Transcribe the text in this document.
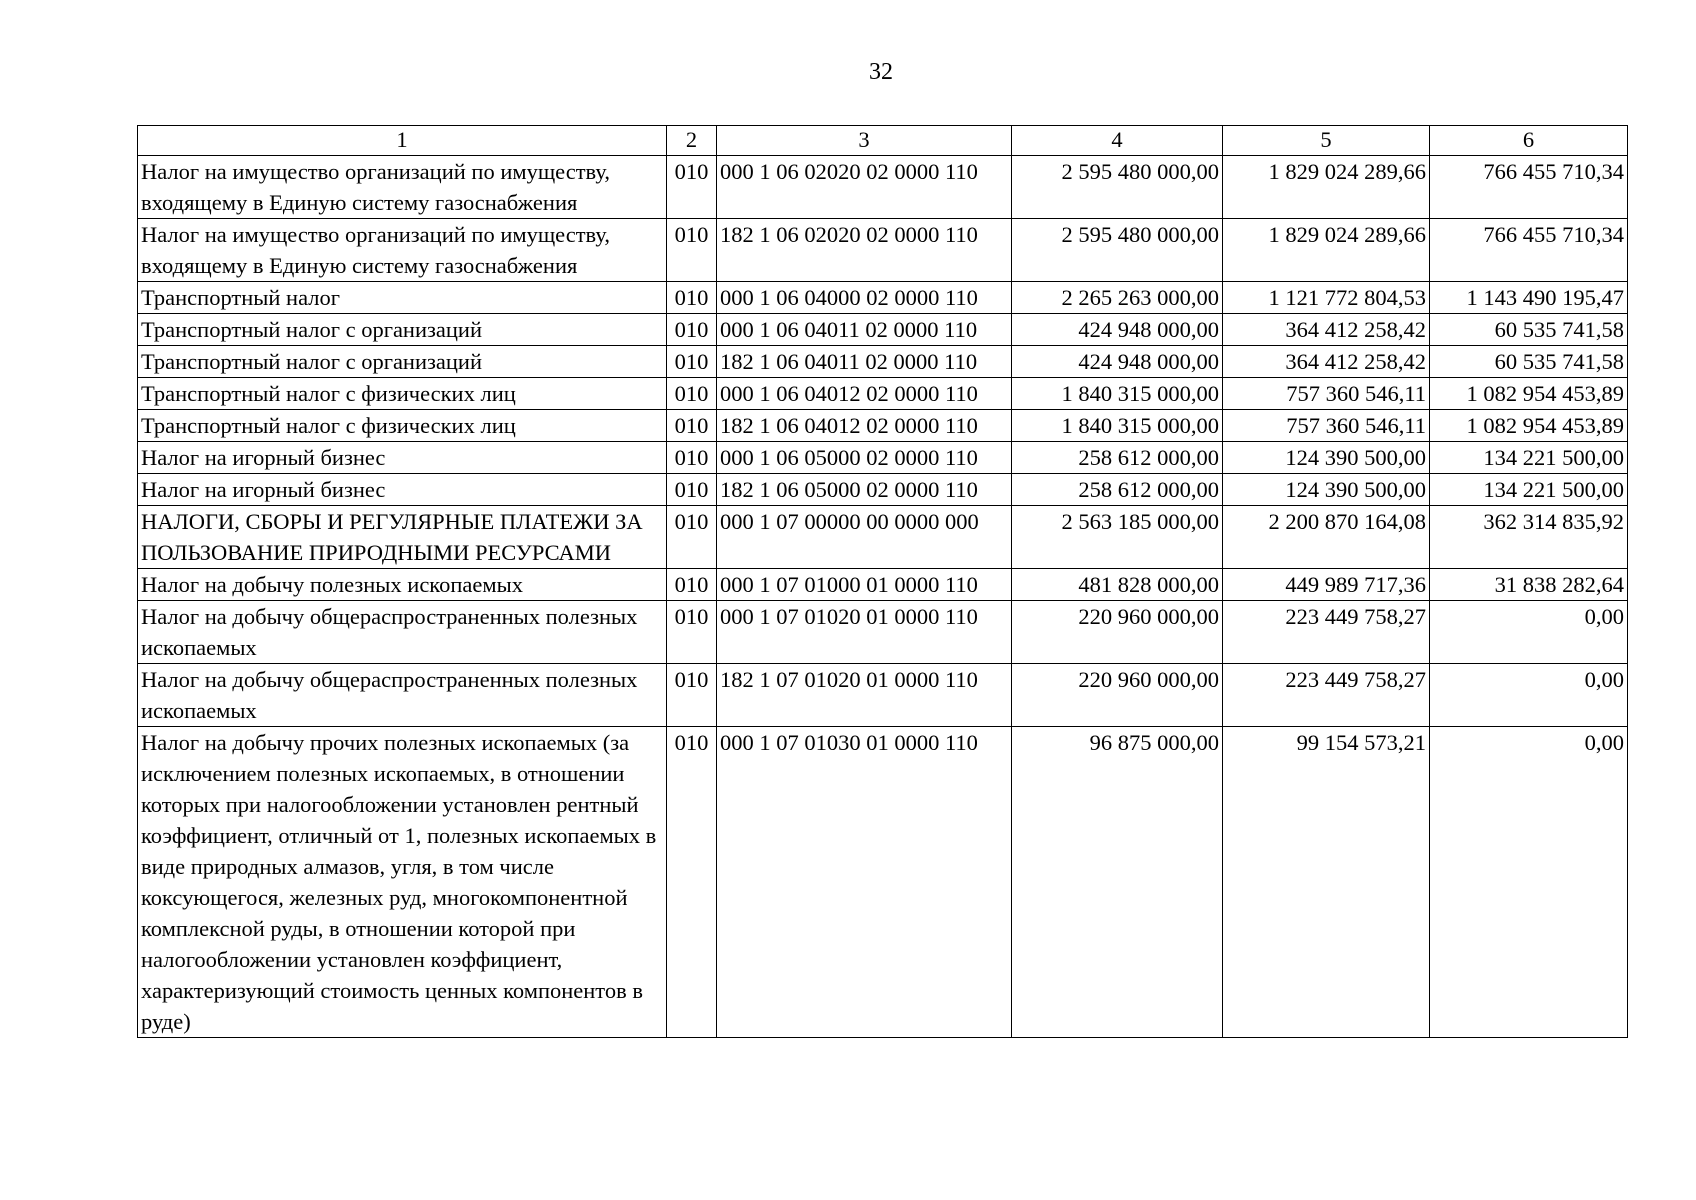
32
1	2	3	4	5	6
Налог на имущество организаций по имуществу, входящему в Единую систему газоснабжения	010	000 1 06 02020 02 0000 110	2 595 480 000,00	1 829 024 289,66	766 455 710,34
Налог на имущество организаций по имуществу, входящему в Единую систему газоснабжения	010	182 1 06 02020 02 0000 110	2 595 480 000,00	1 829 024 289,66	766 455 710,34
Транспортный налог	010	000 1 06 04000 02 0000 110	2 265 263 000,00	1 121 772 804,53	1 143 490 195,47
Транспортный налог с организаций	010	000 1 06 04011 02 0000 110	424 948 000,00	364 412 258,42	60 535 741,58
Транспортный налог с организаций	010	182 1 06 04011 02 0000 110	424 948 000,00	364 412 258,42	60 535 741,58
Транспортный налог с физических лиц	010	000 1 06 04012 02 0000 110	1 840 315 000,00	757 360 546,11	1 082 954 453,89
Транспортный налог с физических лиц	010	182 1 06 04012 02 0000 110	1 840 315 000,00	757 360 546,11	1 082 954 453,89
Налог на игорный бизнес	010	000 1 06 05000 02 0000 110	258 612 000,00	124 390 500,00	134 221 500,00
Налог на игорный бизнес	010	182 1 06 05000 02 0000 110	258 612 000,00	124 390 500,00	134 221 500,00
НАЛОГИ, СБОРЫ И РЕГУЛЯРНЫЕ ПЛАТЕЖИ ЗА ПОЛЬЗОВАНИЕ ПРИРОДНЫМИ РЕСУРСАМИ	010	000 1 07 00000 00 0000 000	2 563 185 000,00	2 200 870 164,08	362 314 835,92
Налог на добычу полезных ископаемых	010	000 1 07 01000 01 0000 110	481 828 000,00	449 989 717,36	31 838 282,64
Налог на добычу общераспространенных полезных ископаемых	010	000 1 07 01020 01 0000 110	220 960 000,00	223 449 758,27	0,00
Налог на добычу общераспространенных полезных ископаемых	010	182 1 07 01020 01 0000 110	220 960 000,00	223 449 758,27	0,00
Налог на добычу прочих полезных ископаемых (за исключением полезных ископаемых, в отношении которых при налогообложении установлен рентный коэффициент, отличный от 1, полезных ископаемых в виде природных алмазов, угля, в том числе коксующегося, железных руд, многокомпонентной комплексной руды, в отношении которой при налогообложении установлен коэффициент, характеризующий стоимость ценных компонентов в руде)	010	000 1 07 01030 01 0000 110	96 875 000,00	99 154 573,21	0,00
